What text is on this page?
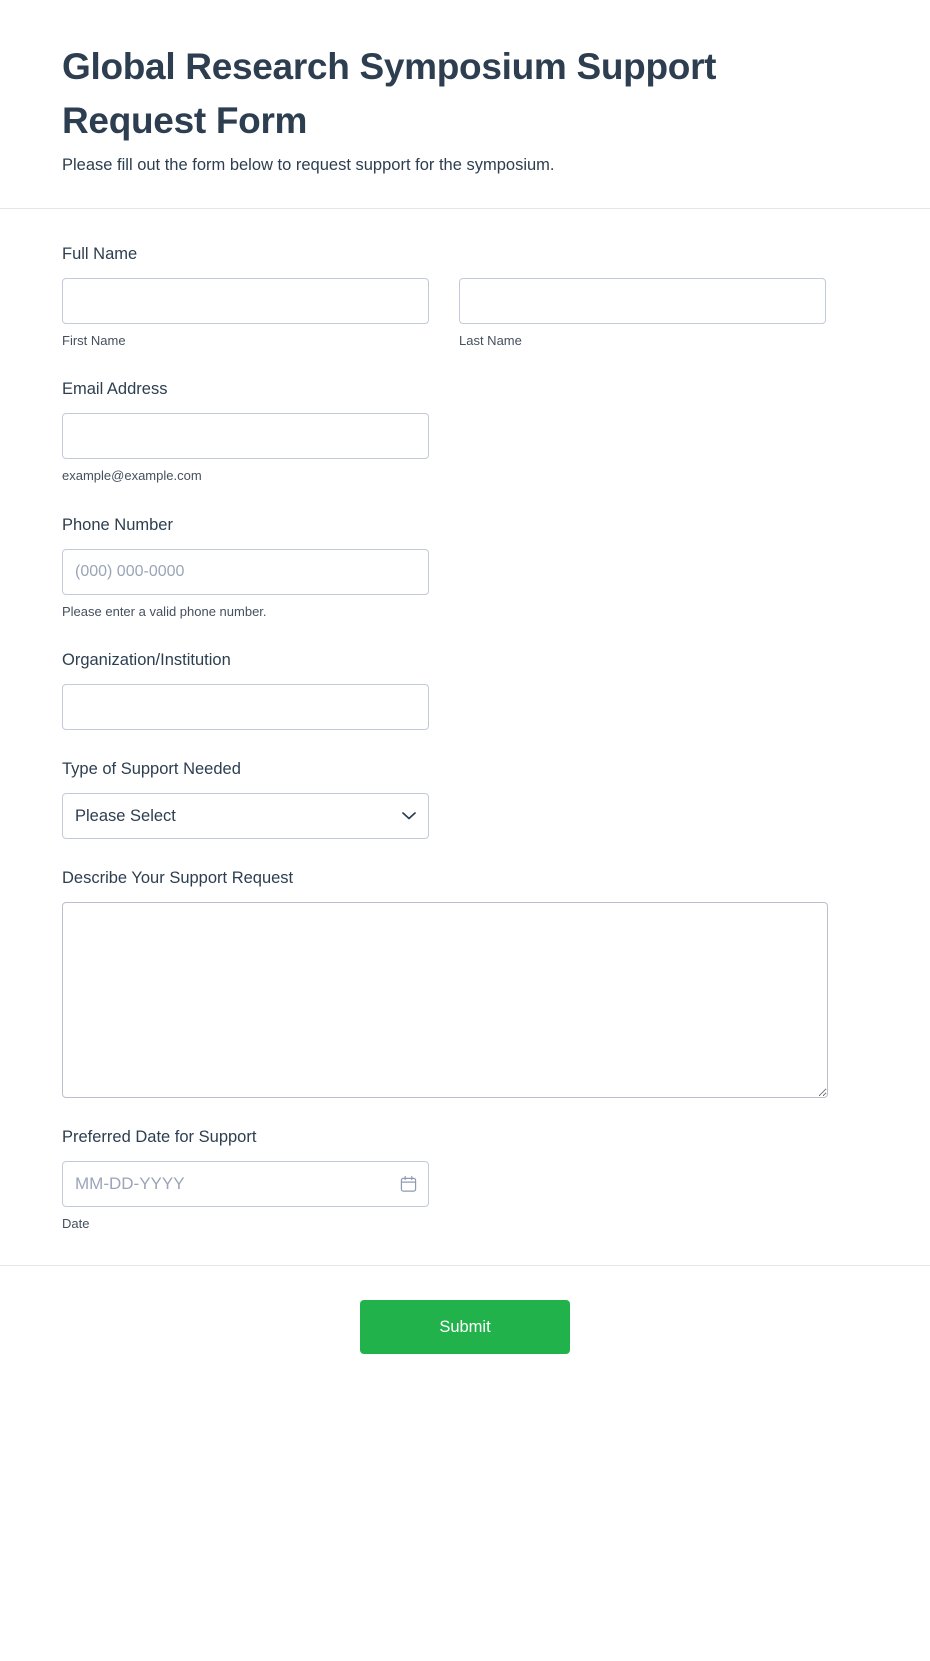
Global Research Symposium Support Request Form

Please fill out the form below to request support for the symposium.

Full Name
First Name	Last Name
Email Address
example@example.com
Phone Number
(000) 000-0000
Please enter a valid phone number.
Organization/Institution
Type of Support Needed
Please Select
Describe Your Support Request
Preferred Date for Support
MM-DD-YYYY
Date
Submit
